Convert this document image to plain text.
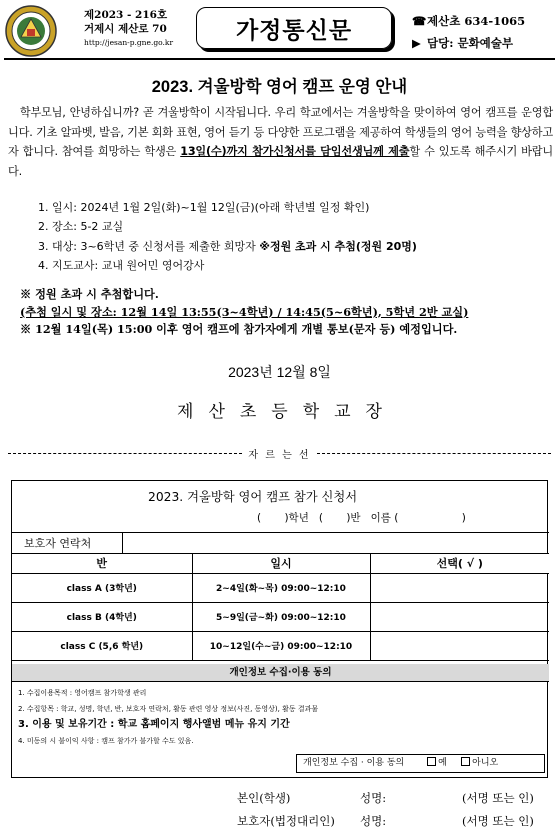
제2023 - 216호
거제시 제산로 70
http://jesan-p.gne.go.kr	가정통신문	☎제산초 634-1065
▶ 담당: 문화예술부
2023. 겨울방학 영어 캠프 운영 안내

학부모님, 안녕하십니까? 곧 겨울방학이 시작됩니다. 우리 학교에서는 겨울방학을 맞이하여 영어 캠프를 운영합니다. 기초 알파벳, 발음, 기본 회화 표현, 영어 듣기 등 다양한 프로그램을 제공하여 학생들의 영어 능력을 향상하고자 합니다. 참여를 희망하는 학생은 13일(수)까지 참가신청서를 담임선생님께 제출할 수 있도록 해주시기 바랍니다.

1. 일시: 2024년 1월 2일(화)~1월 12일(금)(아래 학년별 일정 확인)
2. 장소: 5-2 교실
3. 대상: 3~6학년 중 신청서를 제출한 희망자 ※정원 초과 시 추첨(정원 20명)
4. 지도교사: 교내 원어민 영어강사
※ 정원 초과 시 추첨합니다.
(추첨 일시 및 장소: 12월 14일 13:55(3~4학년) / 14:45(5~6학년), 5학년 2반 교실)
※ 12월 14일(목) 15:00 이후 영어 캠프에 참가자에게 개별 통보(문자 등) 예정입니다.
2023년 12월 8일
제산초등학교장
자 르 는 선
2023. 겨울방학 영어 캠프 참가 신청서
(       )학년   (       )반   이름 (                   )
보호자 연락처
반	일시	선택( √ )
class A (3학년)	2~4일(화~목) 09:00~12:10	
class B (4학년)	5~9일(금~화) 09:00~12:10	
class C (5,6 학년)	10~12일(수~금) 09:00~12:10	
개인정보 수집·이용 동의
1. 수집이용목적 : 영어캠프 참가학생 관리
2. 수집항목 : 학교, 성명, 학년, 반, 보호자 연락처, 활동 관련 영상 정보(사진, 동영상), 활동 결과물
3. 이용 및 보유기간 : 학교 홈페이지 행사앨범 메뉴 유지 기간
4. 미동의 시 불이익 사항 : 캠프 참가가 불가할 수도 있음.
개인정보 수집 · 이용 동의	예	아니오
본인(학생)	성명:	(서명 또는 인)
보호자(법정대리인) 성명:	(서명 또는 인)
